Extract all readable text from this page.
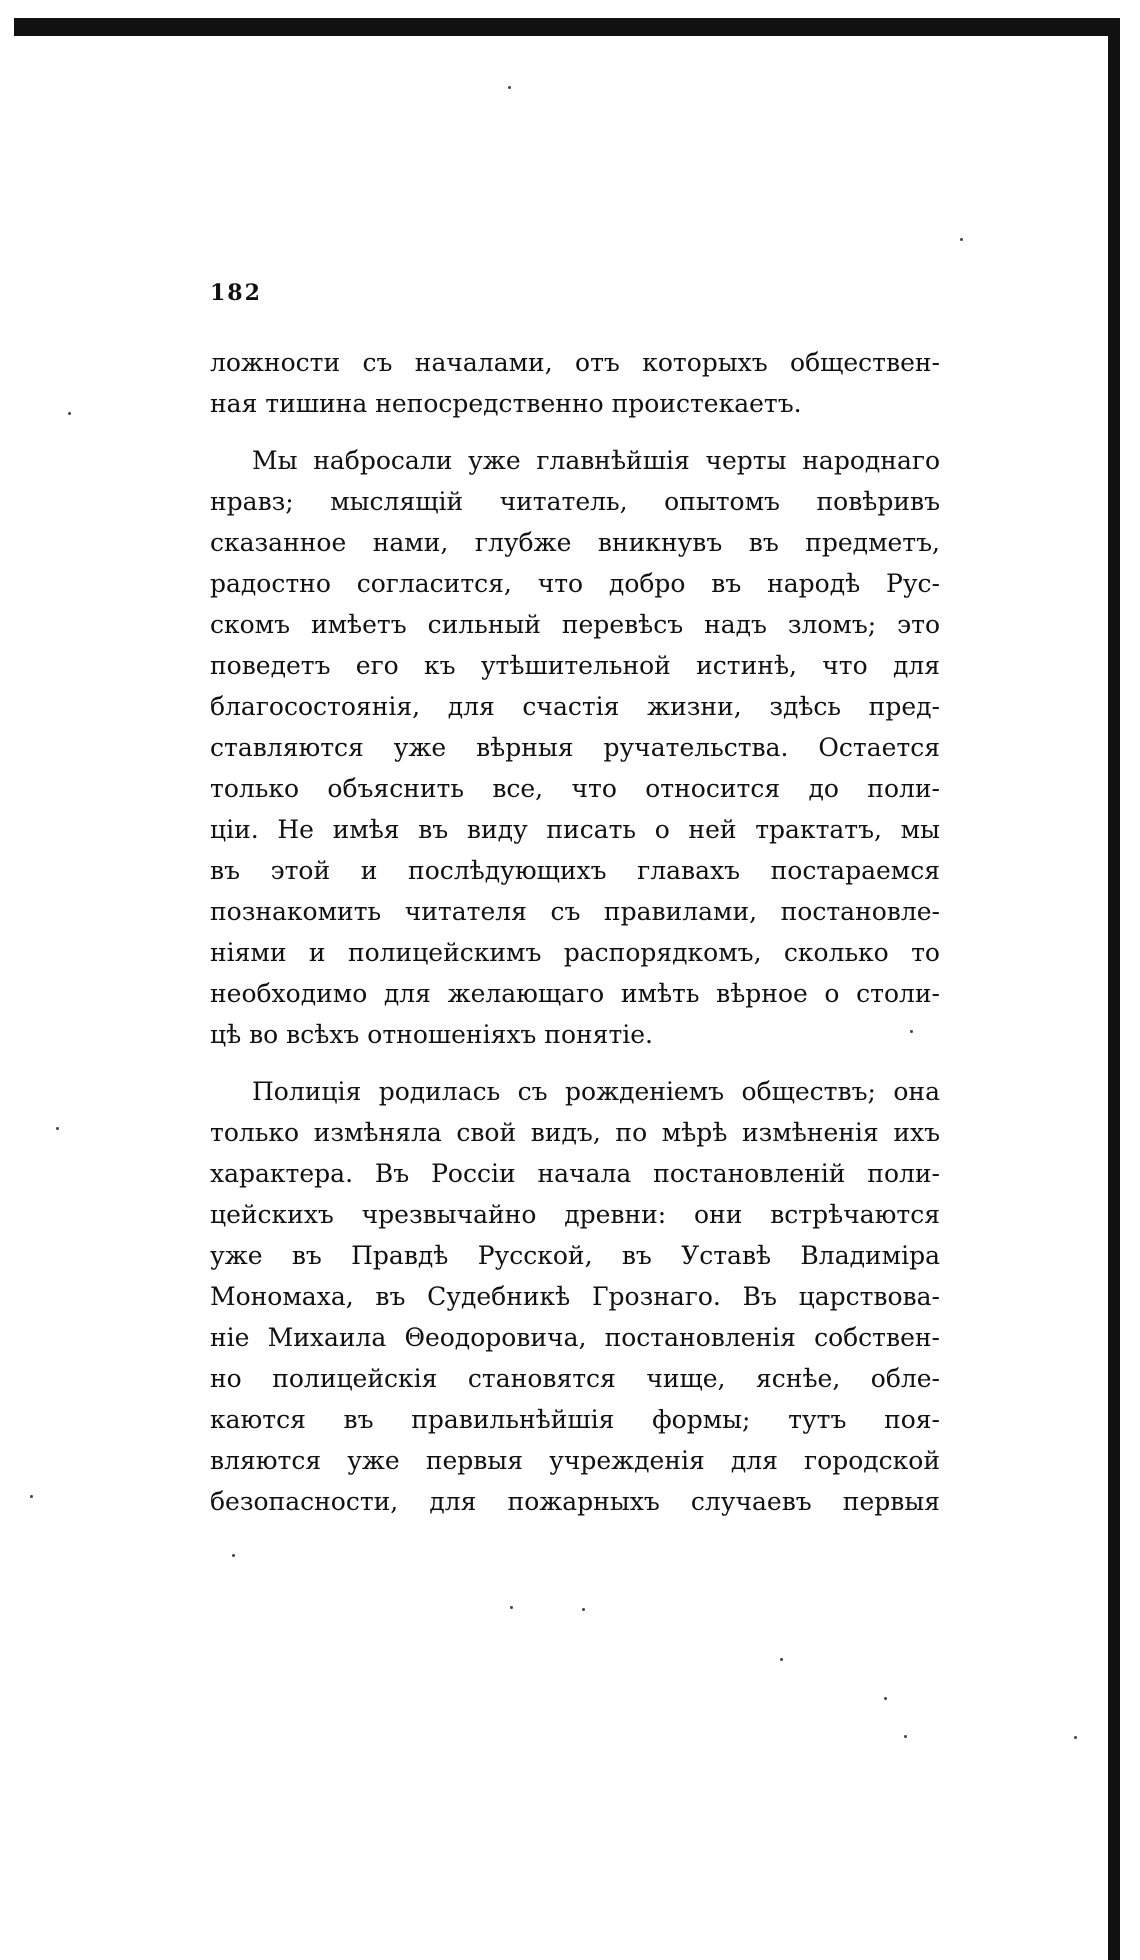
182
ложности съ началами, отъ которыхъ обществен-
ная тишина непосредственно проистекаетъ.
Мы набросали уже главнѣйшія черты народнаго
нравз; мыслящій читатель, опытомъ повѣривъ
сказанное нами, глубже вникнувъ въ предметъ,
радостно согласится, что добро въ народѣ Рус-
скомъ имѣетъ сильный перевѣсъ надъ зломъ; это
поведетъ его къ утѣшительной истинѣ, что для
благосостоянія, для счастія жизни, здѣсь пред-
ставляются уже вѣрныя ручательства. Остается
только объяснить все, что относится до поли-
ціи. Не имѣя въ виду писать о ней трактатъ, мы
въ этой и послѣдующихъ главахъ постараемся
познакомить читателя съ правилами, постановле-
ніями и полицейскимъ распорядкомъ, сколько то
необходимо для желающаго имѣть вѣрное о столи-
цѣ во всѣхъ отношеніяхъ понятіе.
Полиція родилась съ рожденіемъ обществъ; она
только измѣняла свой видъ, по мѣрѣ измѣненія ихъ
характера. Въ Россіи начала постановленій поли-
цейскихъ чрезвычайно древни: они встрѣчаются
уже въ Правдѣ Русской, въ Уставѣ Владиміра
Мономаха, въ Судебникѣ Грознаго. Въ царствова-
ніе Михаила Θеодоровича, постановленія собствен-
но полицейскія становятся чище, яснѣе, обле-
каются въ правильнѣйшія формы; тутъ поя-
вляются уже первыя учрежденія для городской
безопасности, для пожарныхъ случаевъ первыя
